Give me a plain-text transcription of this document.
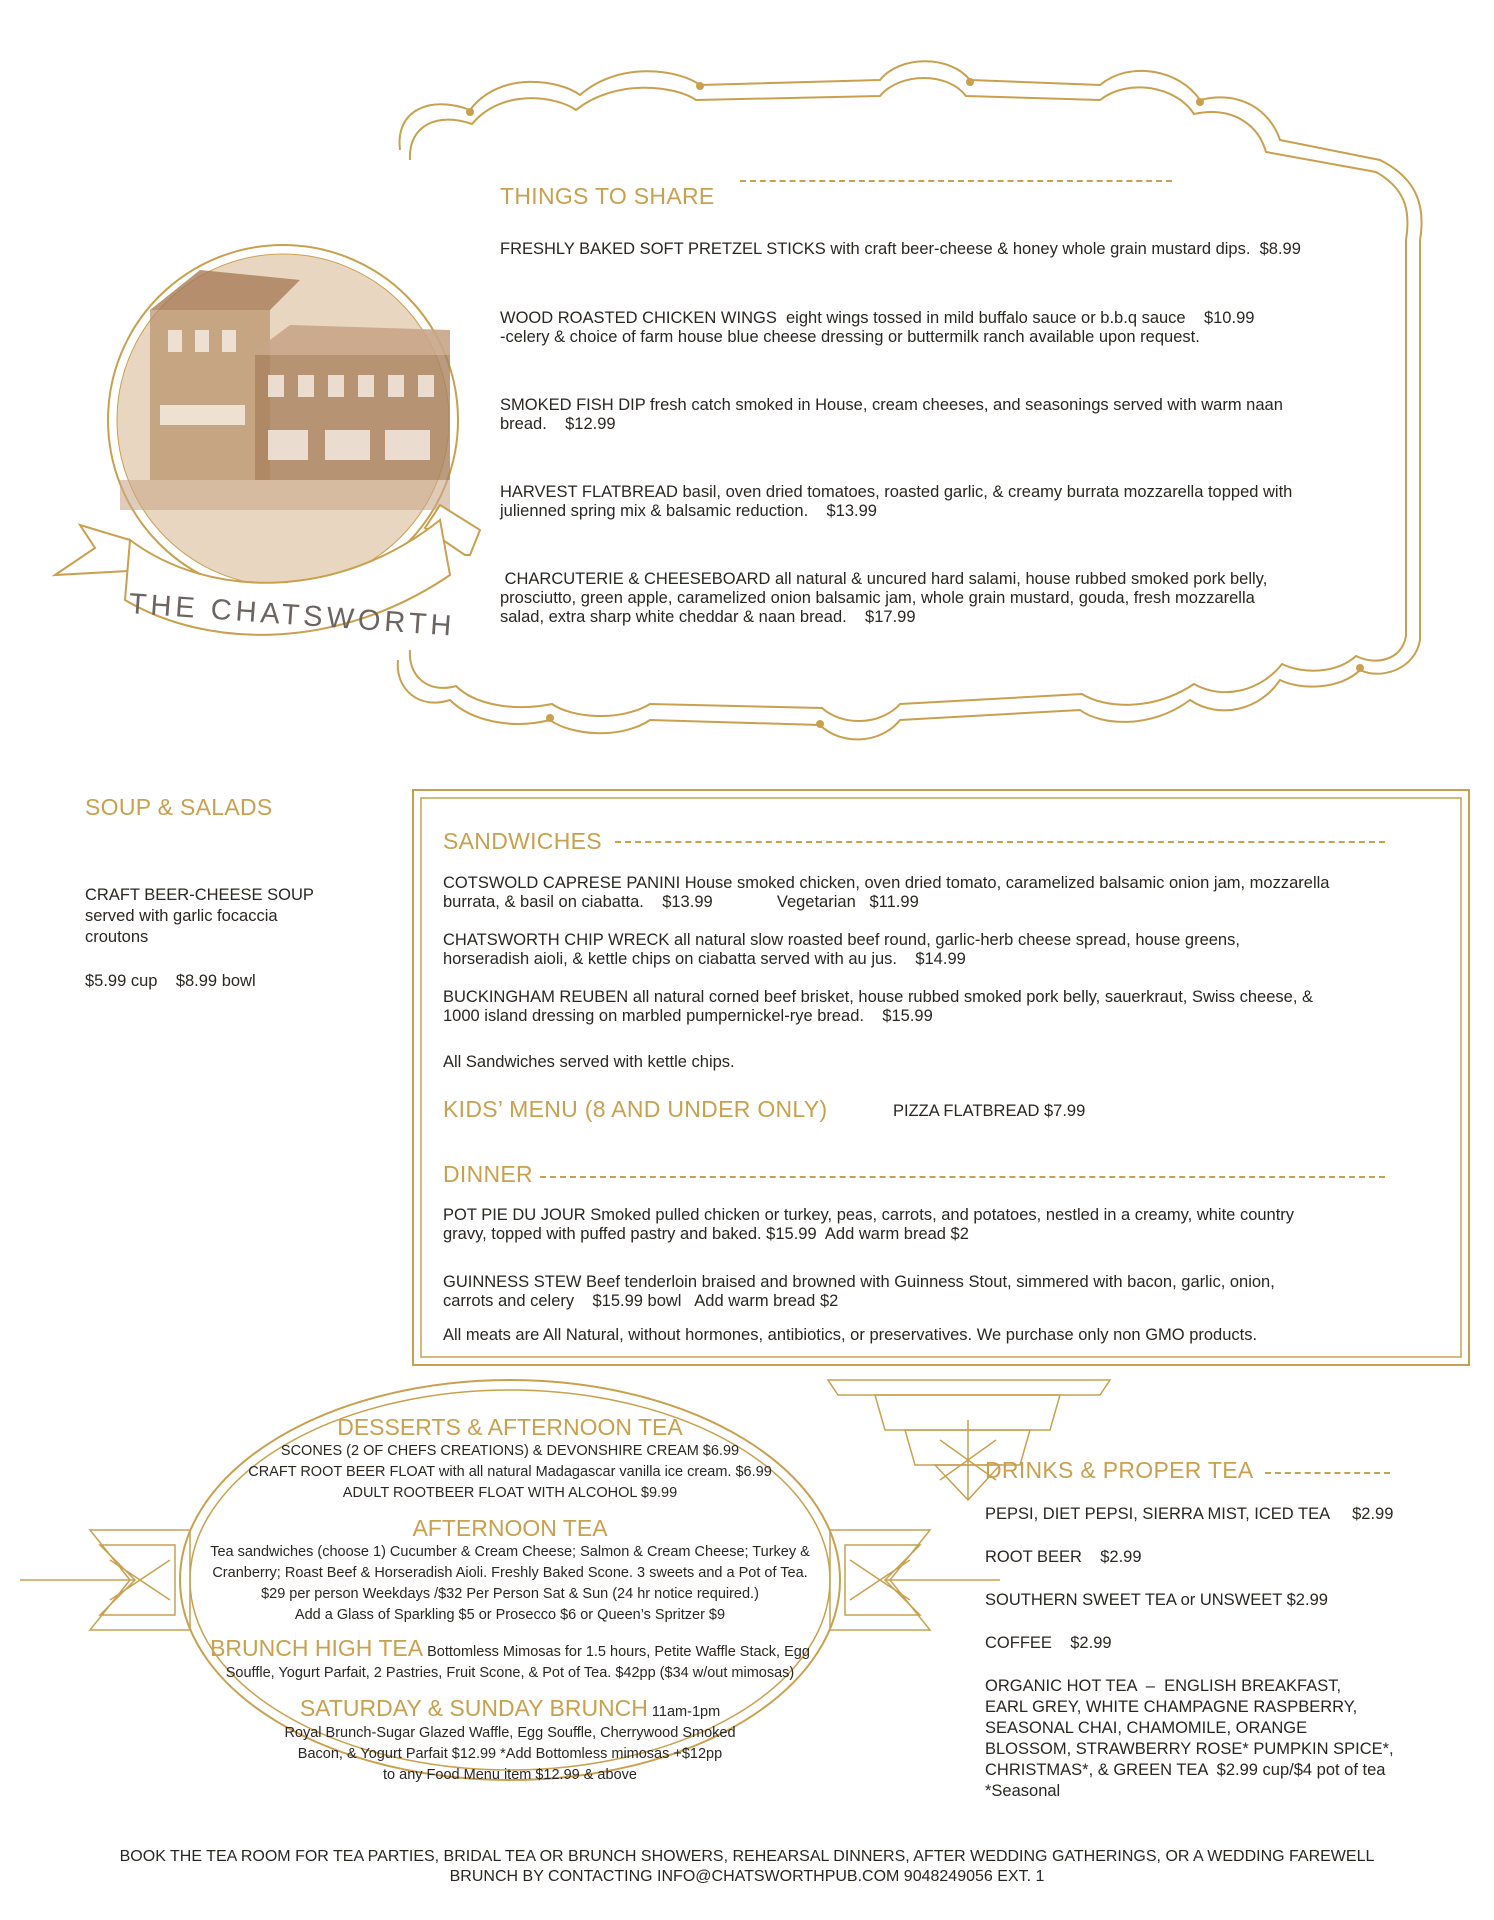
THE CHATSWORTH
THINGS TO SHARE
FRESHLY BAKED SOFT PRETZEL STICKS with craft beer-cheese & honey whole grain mustard dips.  $8.99
WOOD ROASTED CHICKEN WINGS  eight wings tossed in mild buffalo sauce or b.b.q sauce    $10.99
-celery & choice of farm house blue cheese dressing or buttermilk ranch available upon request.
SMOKED FISH DIP fresh catch smoked in House, cream cheeses, and seasonings served with warm naan
bread.    $12.99
HARVEST FLATBREAD basil, oven dried tomatoes, roasted garlic, & creamy burrata mozzarella topped with
julienned spring mix & balsamic reduction.    $13.99
CHARCUTERIE & CHEESEBOARD all natural & uncured hard salami, house rubbed smoked pork belly,
prosciutto, green apple, caramelized onion balsamic jam, whole grain mustard, gouda, fresh mozzarella
salad, extra sharp white cheddar & naan bread.    $17.99
SOUP & SALADS
CRAFT BEER-CHEESE SOUP
served with garlic focaccia
croutons
$5.99 cup    $8.99 bowl
SANDWICHES
COTSWOLD CAPRESE PANINI House smoked chicken, oven dried tomato, caramelized balsamic onion jam, mozzarella
burrata, & basil on ciabatta.    $13.99              Vegetarian   $11.99
CHATSWORTH CHIP WRECK all natural slow roasted beef round, garlic-herb cheese spread, house greens,
horseradish aioli, & kettle chips on ciabatta served with au jus.    $14.99
BUCKINGHAM REUBEN all natural corned beef brisket, house rubbed smoked pork belly, sauerkraut, Swiss cheese, &
1000 island dressing on marbled pumpernickel-rye bread.    $15.99
All Sandwiches served with kettle chips.
KIDS’ MENU (8 AND UNDER ONLY)	PIZZA FLATBREAD $7.99
DINNER
POT PIE DU JOUR Smoked pulled chicken or turkey, peas, carrots, and potatoes, nestled in a creamy, white country
gravy, topped with puffed pastry and baked. $15.99  Add warm bread $2
GUINNESS STEW Beef tenderloin braised and browned with Guinness Stout, simmered with bacon, garlic, onion,
carrots and celery    $15.99 bowl   Add warm bread $2
All meats are All Natural, without hormones, antibiotics, or preservatives. We purchase only non GMO products.
DESSERTS & AFTERNOON TEA
SCONES (2 OF CHEFS CREATIONS) & DEVONSHIRE CREAM $6.99
CRAFT ROOT BEER FLOAT with all natural Madagascar vanilla ice cream. $6.99
ADULT ROOTBEER FLOAT WITH ALCOHOL $9.99
AFTERNOON TEA
Tea sandwiches (choose 1) Cucumber & Cream Cheese; Salmon & Cream Cheese; Turkey &
Cranberry; Roast Beef & Horseradish Aioli. Freshly Baked Scone. 3 sweets and a Pot of Tea.
$29 per person Weekdays /$32 Per Person Sat & Sun (24 hr notice required.)
Add a Glass of Sparkling $5 or Prosecco $6 or Queen’s Spritzer $9
BRUNCH HIGH TEA Bottomless Mimosas for 1.5 hours, Petite Waffle Stack, Egg
Souffle, Yogurt Parfait, 2 Pastries, Fruit Scone, & Pot of Tea. $42pp ($34 w/out mimosas)
SATURDAY & SUNDAY BRUNCH 11am-1pm
Royal Brunch-Sugar Glazed Waffle, Egg Souffle, Cherrywood Smoked
Bacon, & Yogurt Parfait $12.99 *Add Bottomless mimosas +$12pp
to any Food Menu item $12.99 & above
DRINKS & PROPER TEA
PEPSI, DIET PEPSI, SIERRA MIST, ICED TEA     $2.99
ROOT BEER    $2.99
SOUTHERN SWEET TEA or UNSWEET $2.99
COFFEE    $2.99
ORGANIC HOT TEA  –  ENGLISH BREAKFAST,
EARL GREY, WHITE CHAMPAGNE RASPBERRY,
SEASONAL CHAI, CHAMOMILE, ORANGE
BLOSSOM, STRAWBERRY ROSE* PUMPKIN SPICE*,
CHRISTMAS*, & GREEN TEA  $2.99 cup/$4 pot of tea
*Seasonal
BOOK THE TEA ROOM FOR TEA PARTIES, BRIDAL TEA OR BRUNCH SHOWERS, REHEARSAL DINNERS, AFTER WEDDING GATHERINGS, OR A WEDDING FAREWELL
BRUNCH BY CONTACTING INFO@CHATSWORTHPUB.COM 9048249056 EXT. 1
